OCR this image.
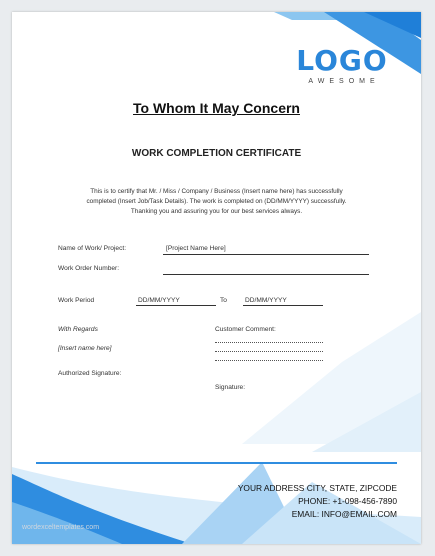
LOGO
AWESOME
To Whom It May Concern
WORK COMPLETION CERTIFICATE
This is to certify that Mr. / Miss / Company / Business (Insert name here) has successfully
completed (Insert Job/Task Details). The work is completed on (DD/MM/YYYY) successfully.
Thanking you and assuring you for our best services always.
Name of Work/ Project:	[Project Name Here]
Work Order Number:
Work Period	DD/MM/YYYY	To	DD/MM/YYYY
With Regards
[Insert name here]
Authorized Signature:
Customer Comment:
Signature:
YOUR ADDRESS CITY, STATE, ZIPCODE
PHONE: +1-098-456-7890
EMAIL: INFO@EMAIL.COM
wordexceltemplates.com
